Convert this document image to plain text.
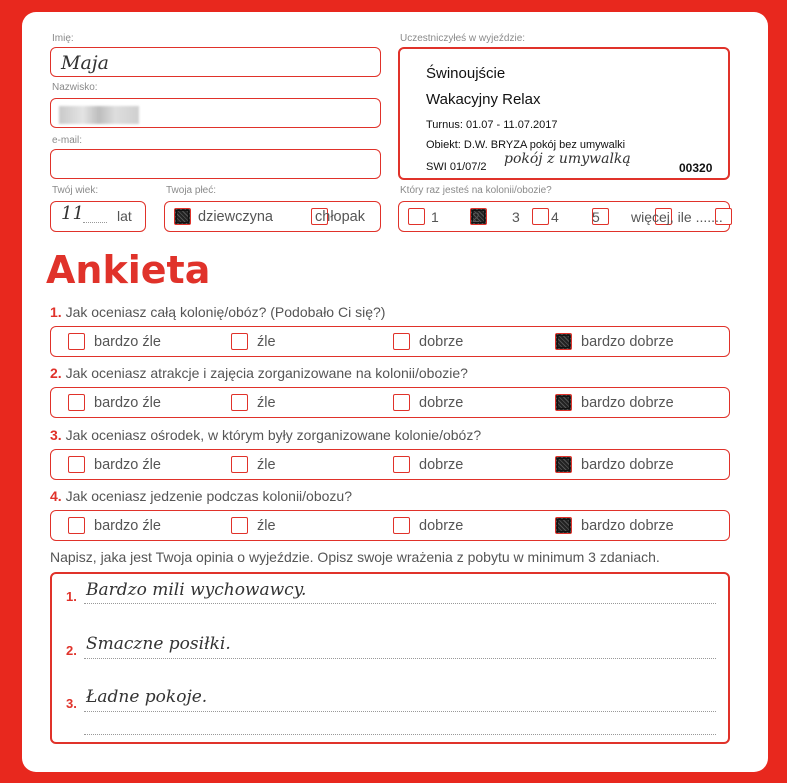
Imię:
Maja
Nazwisko:
e-mail:
Twój wiek:
11 lat
Twoja płeć:

dziewczyna	chłopak
Uczestniczyłeś w wyjeździe:
Świnoujście
Wakacyjny Relax
Turnus: 01.07 - 11.07.2017
Obiekt: D.W. BRYZA pokój bez umywalki
SWI 01/07/2 pokój z umywalką
00320
Który raz jesteś na kolonii/obozie?

1
2
3
4
5 więcej, ile .......
Ankieta
1. Jak oceniasz całą kolonię/obóz? (Podobało Ci się?)
bardzo źle	źle	dobrze	bardzo dobrze
2. Jak oceniasz atrakcje i zajęcia zorganizowane na kolonii/obozie?
bardzo źle	źle	dobrze	bardzo dobrze
3. Jak oceniasz ośrodek, w którym były zorganizowane kolonie/obóz?
bardzo źle	źle	dobrze	bardzo dobrze
4. Jak oceniasz jedzenie podczas kolonii/obozu?
bardzo źle	źle	dobrze	bardzo dobrze
Napisz, jaka jest Twoja opinia o wyjeździe. Opisz swoje wrażenia z pobytu w minimum 3 zdaniach.
1. Bardzo mili wychowawcy.
2. Smaczne posiłki.
3. Ładne pokoje.
